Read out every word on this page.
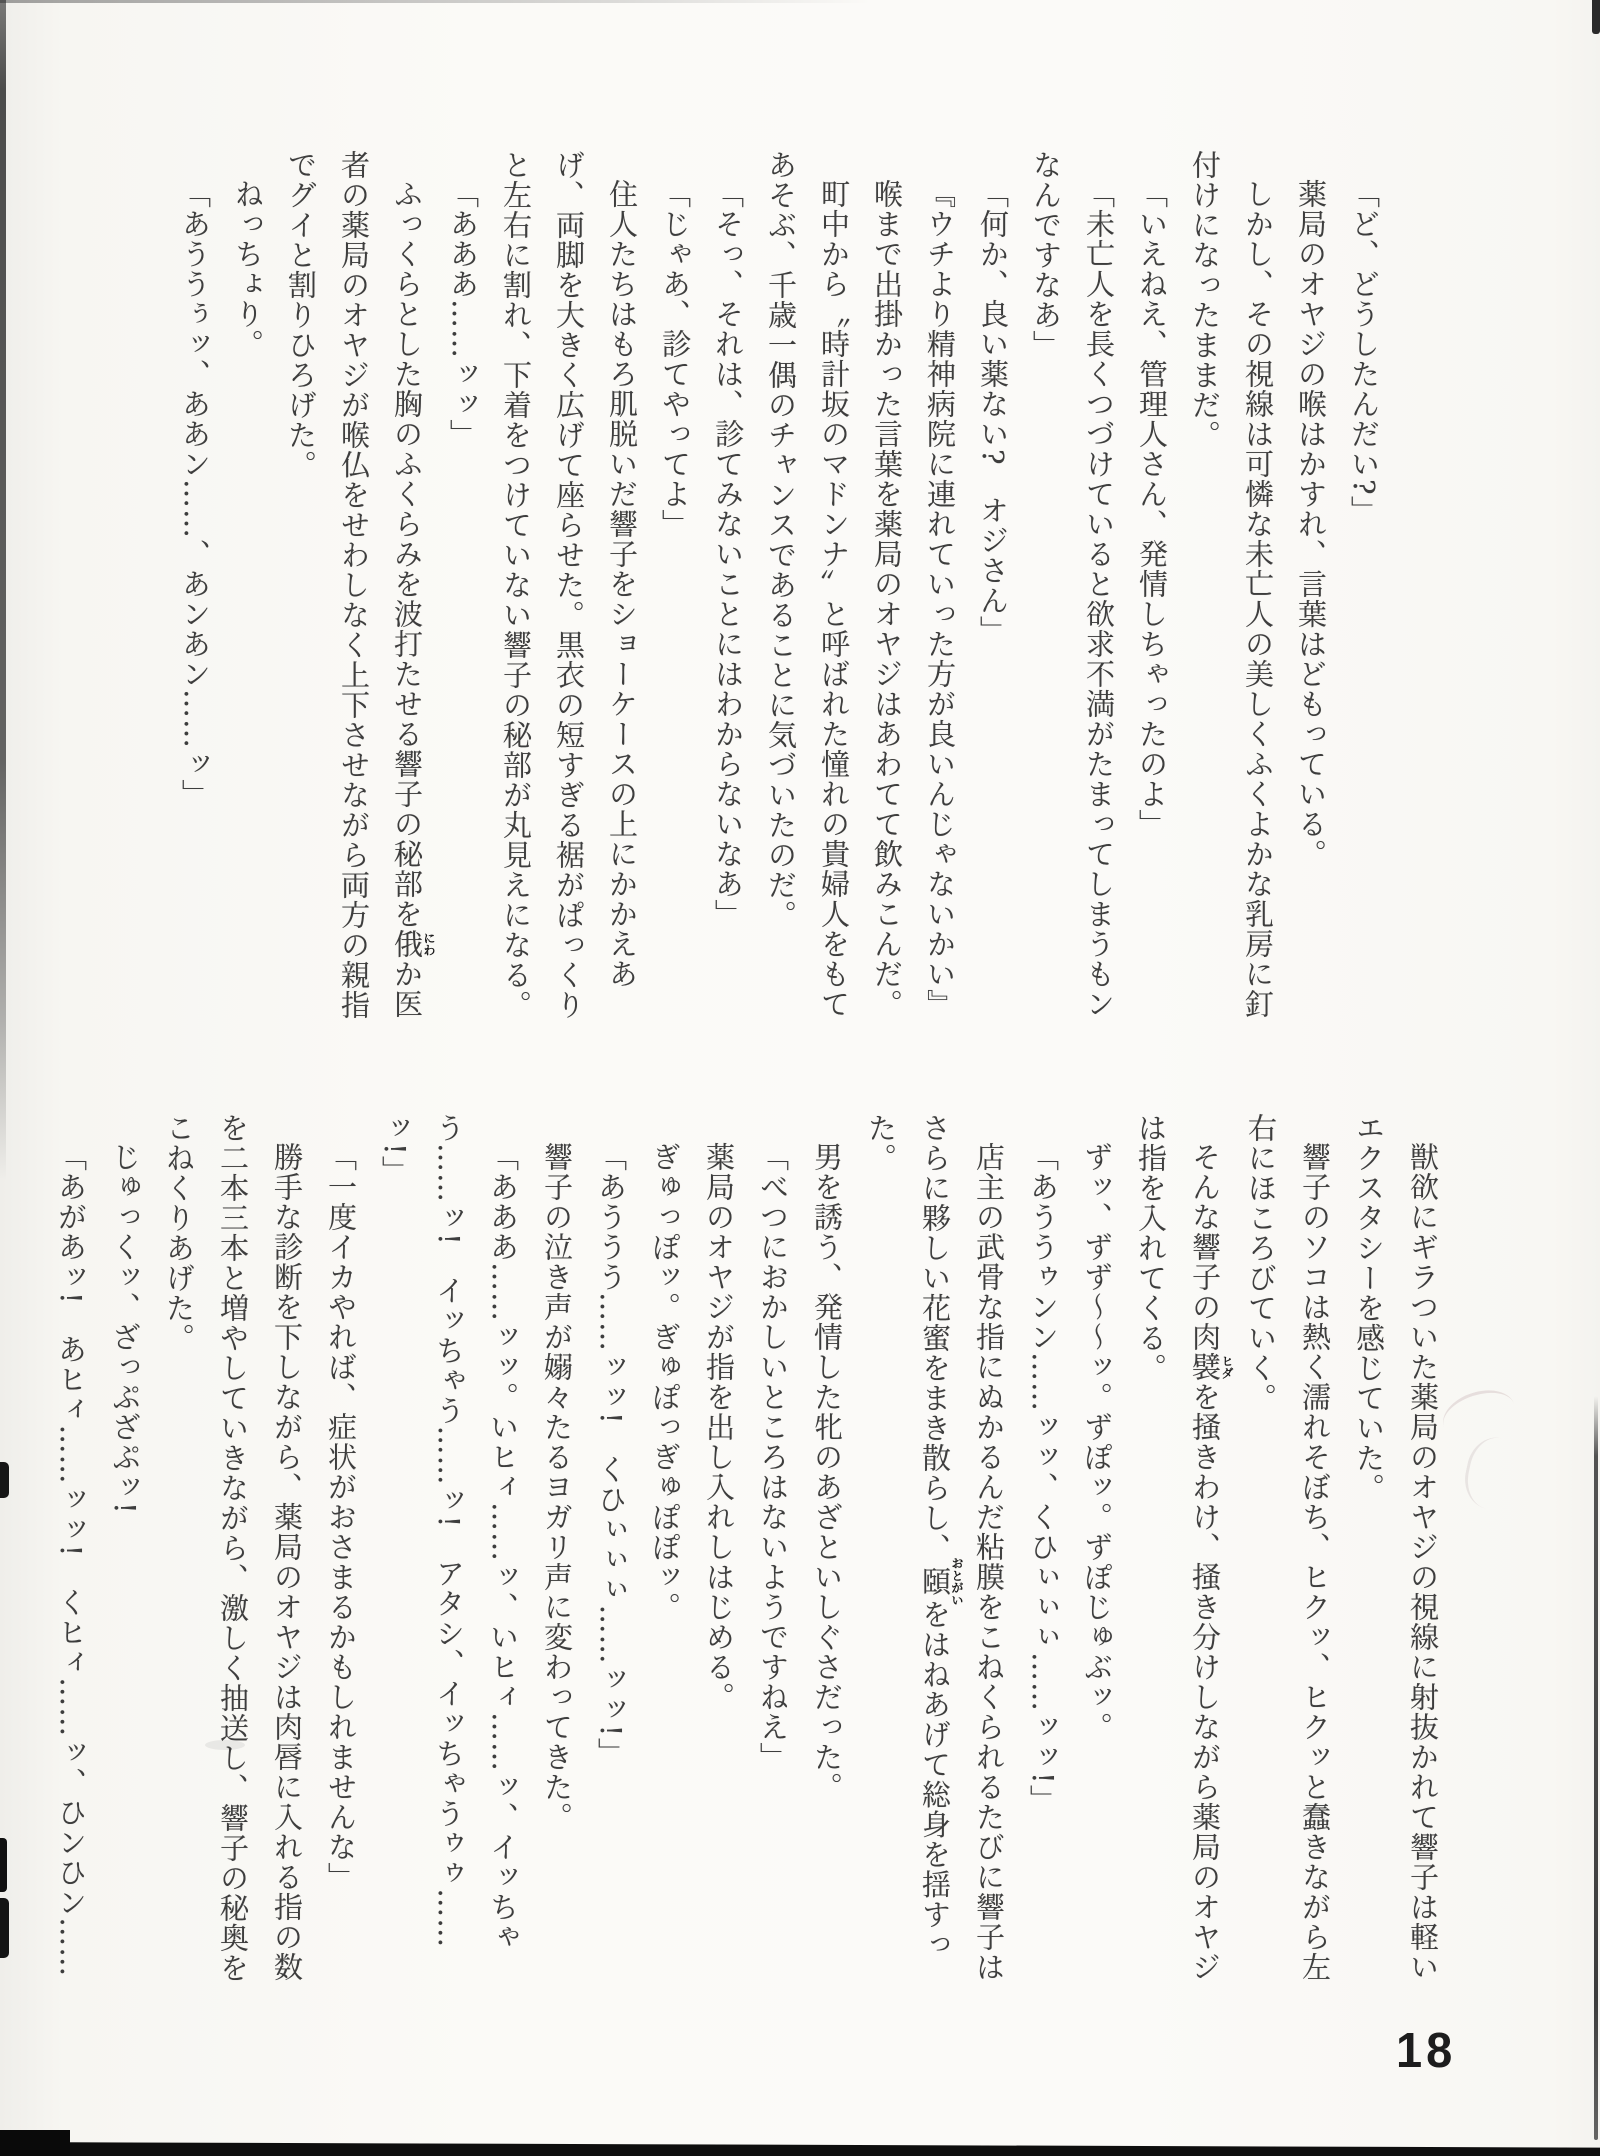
「ど、どうしたんだい?」

薬局のオヤジの喉はかすれ、言葉はどもっている。

しかし、その視線は可憐な未亡人の美しくふくよかな乳房に釘付けになったままだ。

「いえねえ、管理人さん、発情しちゃったのよ」

「未亡人を長くつづけていると欲求不満がたまってしまうもンなんですなあ」

「何か、良い薬ない?　オジさん」

『ウチより精神病院に連れていった方が良いんじゃないかい』

喉まで出掛かった言葉を薬局のオヤジはあわてて飲みこんだ。

町中から〝時計坂のマドンナ〟と呼ばれた憧れの貴婦人をもてあそぶ、千歳一偶のチャンスであることに気づいたのだ。

「そっ、それは、診てみないことにはわからないなあ」

「じゃあ、診てやってよ」

住人たちはもろ肌脱いだ響子をショーケースの上にかかえあげ、両脚を大きく広げて座らせた。黒衣の短すぎる裾がぱっくりと左右に割れ、下着をつけていない響子の秘部が丸見えになる。

「あああ……ッッ」

ふっくらとした胸のふくらみを波打たせる響子の秘部を俄にわか医者の薬局のオヤジが喉仏をせわしなく上下させながら両方の親指でグイと割りひろげた。

ねっちょり。

「あううぅッ、ああン……、あンあン……ッ」

獣欲にギラついた薬局のオヤジの視線に射抜かれて響子は軽いエクスタシーを感じていた。

響子のソコは熱く濡れそぼち、ヒクッ、ヒクッと蠢きながら左右にほころびていく。

そんな響子の肉襞ヒダを掻きわけ、掻き分けしながら薬局のオヤジは指を入れてくる。

ずッ、ずず〜〜ッ。ずぽッ。ずぽじゅぶッ。

「あううゥンン……ッッ、くひぃぃぃ……ッッ!」

店主の武骨な指にぬかるんだ粘膜をこねくられるたびに響子はさらに夥しい花蜜をまき散らし、頤おとがいをはねあげて総身を揺すった。

男を誘う、発情した牝のあざといしぐさだった。

「べつにおかしいところはないようですねえ」

薬局のオヤジが指を出し入れしはじめる。

ぎゅっぽッ。ぎゅぽっぎゅぽぽッ。

「あううう……ッッ!　くひぃぃぃ……ッッ!」

響子の泣き声が嫋々たるヨガリ声に変わってきた。

「あああ……ッッ。いヒィ……ッ、いヒィ……ッ、イッちゃう……ッ!　イッちゃう……ッ!　アタシ、イッちゃうゥゥ……ッ!」

「一度イカやれば、症状がおさまるかもしれませんな」

勝手な診断を下しながら、薬局のオヤジは肉唇に入れる指の数を二本三本と増やしていきながら、激しく抽送し、響子の秘奥をこねくりあげた。

じゅっくッ、ざっぷざぷッ!

「あがあッ!　あヒィ……ッッ!　くヒィ……ッ、ひンひン……

18
